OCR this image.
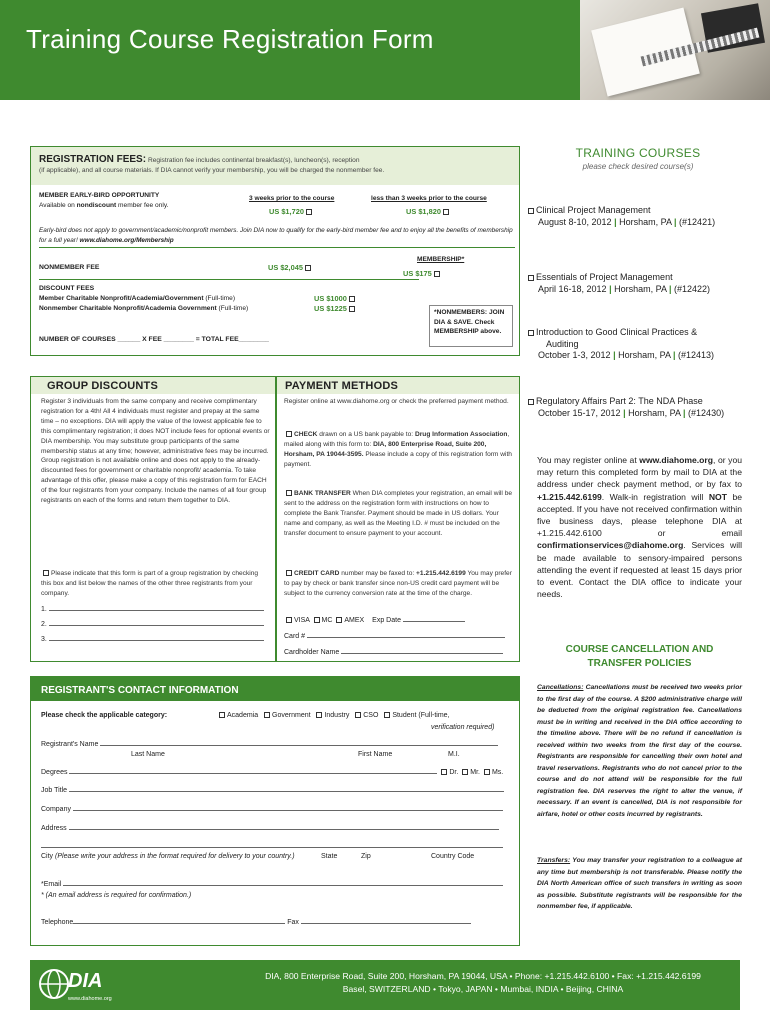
Training Course Registration Form
REGISTRATION FEES: Registration fee includes continental breakfast(s), luncheon(s), reception
(if applicable), and all course materials. If DIA cannot verify your membership, you will be charged the nonmember fee.
MEMBER EARLY-BIRD OPPORTUNITY
Available on nondiscount member fee only.
3 weeks prior to the course
US $1,720
less than 3 weeks prior to the course
US $1,820
Early-bird does not apply to government/academic/nonprofit members. Join DIA now to qualify for the early-bird member fee and to enjoy all the benefits of membership for a full year! www.diahome.org/Membership
NONMEMBER FEE	US $2,045
MEMBERSHIP*
US $175
DISCOUNT FEES
Member Charitable Nonprofit/Academia/Government (Full-time)	US $1000
Nonmember Charitable Nonprofit/Academia Government (Full-time)	US $1225	*NONMEMBERS: JOIN DIA & SAVE. Check MEMBERSHIP above.
NUMBER OF COURSES ______ X FEE ________ = TOTAL FEE________
TRAINING COURSES
please check desired course(s)
Clinical Project Management
August 8-10, 2012 | Horsham, PA | (#12421)
Essentials of Project Management
April 16-18, 2012 | Horsham, PA | (#12422)
Introduction to Good Clinical Practices &
Auditing
October 1-3, 2012 | Horsham, PA | (#12413)
Regulatory Affairs Part 2: The NDA Phase
October 15-17, 2012 | Horsham, PA | (#12430)
GROUP DISCOUNTS

Register 3 individuals from the same company and receive complimentary registration for a 4th! All 4 individuals must register and prepay at the same time – no exceptions. DIA will apply the value of the lowest applicable fee to this complimentary registration; it does NOT include fees for optional events or DIA membership. You may substitute group participants of the same membership status at any time; however, administrative fees may be incurred. Group registration is not available online and does not apply to the already-discounted fees for government or charitable nonprofit/ academia. To take advantage of this offer, please make a copy of this registration form for EACH of the four registrants from your company. Include the names of all four group registrants on each of the forms and return them together to DIA.

Please indicate that this form is part of a group registration by checking this box and list below the names of the other three registrants from your company.

1.
2.
3.
PAYMENT METHODS

Register online at www.diahome.org or check the preferred payment method.

CHECK drawn on a US bank payable to: Drug Information Association, mailed along with this form to: DIA, 800 Enterprise Road, Suite 200, Horsham, PA 19044-3595. Please include a copy of this registration form with payment.

BANK TRANSFER When DIA completes your registration, an email will be sent to the address on the registration form with instructions on how to complete the Bank Transfer. Payment should be made in US dollars. Your name and company, as well as the Meeting I.D. # must be included on the transfer document to ensure payment to your account.

CREDIT CARD number may be faxed to: +1.215.442.6199 You may prefer to pay by check or bank transfer since non-US credit card payment will be subject to the currency conversion rate at the time of the charge.

VISA MC AMEX Exp Date
Card #
Cardholder Name
You may register online at www.diahome.org, or you may return this completed form by mail to DIA at the address under check payment method, or by fax to +1.215.442.6199. Walk-in registration will NOT be accepted. If you have not received confirmation within five business days, please telephone DIA at +1.215.442.6100 or email confirmationservices@diahome.org. Services will be made available to sensory-impaired persons attending the event if requested at least 15 days prior to event. Contact the DIA office to indicate your needs.
COURSE CANCELLATION AND
TRANSFER POLICIES
Cancellations: Cancellations must be received two weeks prior to the first day of the course. A $200 administrative charge will be deducted from the original registration fee. Cancellations must be in writing and received in the DIA office according to the timeline above. There will be no refund if cancellation is received within two weeks from the first day of the course. Registrants are responsible for cancelling their own hotel and travel reservations. Registrants who do not cancel prior to the course and do not attend will be responsible for the full registration fee. DIA reserves the right to alter the venue, if necessary. If an event is cancelled, DIA is not responsible for airfare, hotel or other costs incurred by registrants.
Transfers: You may transfer your registration to a colleague at any time but membership is not transferable. Please notify the DIA North American office of such transfers in writing as soon as possible. Substitute registrants will be responsible for the nonmember fee, if applicable.
REGISTRANT'S CONTACT INFORMATION
Please check the applicable category:	Academia Government Industry CSO Student (Full-time,
verification required)
Registrant's Name
Last Name	First Name	M.I.
Degrees	Dr. Mr. Ms.
Job Title
Company
Address
City (Please write your address in the format required for delivery to your country.)	State	Zip	Country Code
*Email
* (An email address is required for confirmation.)
Telephone	Fax
DIA
www.diahome.org
DIA, 800 Enterprise Road, Suite 200, Horsham, PA 19044, USA • Phone: +1.215.442.6100 • Fax: +1.215.442.6199
Basel, SWITZERLAND • Tokyo, JAPAN • Mumbai, INDIA • Beijing, CHINA
